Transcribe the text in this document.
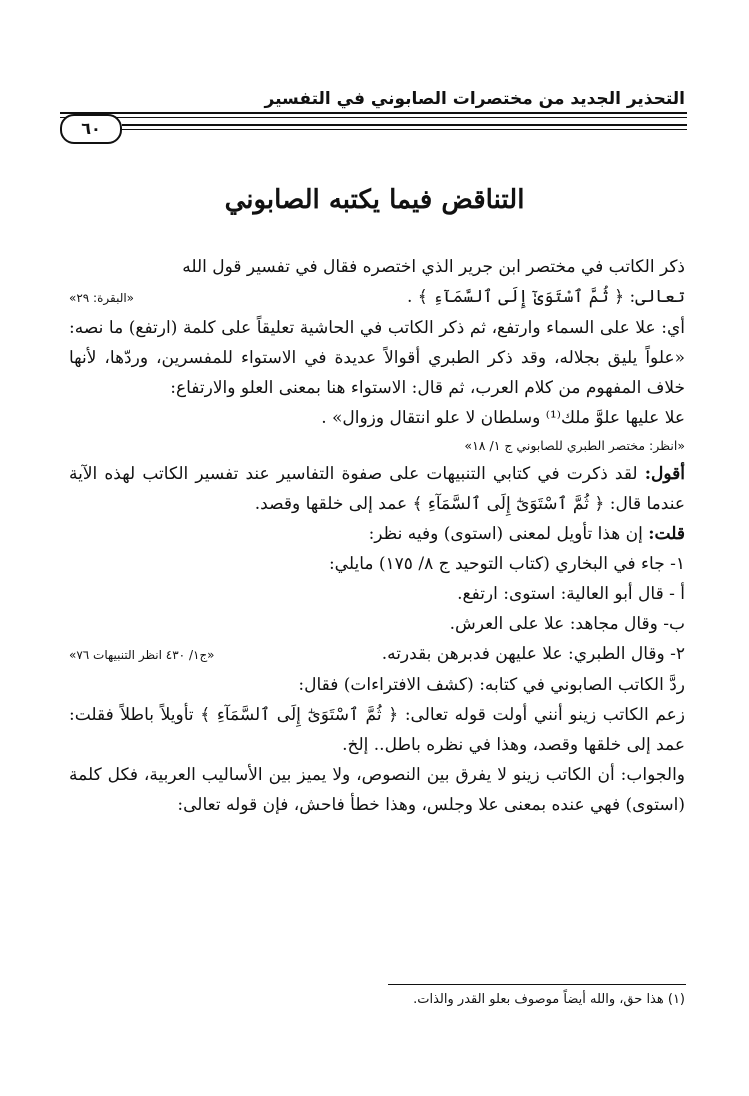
التحذير الجديد من مختصرات الصابوني في التفسير
٦٠
التناقض فيما يكتبه الصابوني

ذكر الكاتب في مختصر ابن جرير الذي اختصره فقال في تفسير قول الله

تعالى: ﴿ ثُمَّ ٱسْتَوَىٰٓ إِلَى ٱلسَّمَآءِ ﴾ .
«البقرة: ٢٩»

أي: علا على السماء وارتفع، ثم ذكر الكاتب في الحاشية تعليقاً على كلمة (ارتفع) ما نصه: «علواً يليق بجلاله، وقد ذكر الطبري أقوالاً عديدة في الاستواء للمفسرين، وردّها، لأنها خلاف المفهوم من كلام العرب، ثم قال: الاستواء هنا بمعنى العلو والارتفاع:

علا عليها علوَّ ملك⁽¹⁾ وسلطان لا علو انتقال وزوال» .

«انظر: مختصر الطبري للصابوني ج ١/ ١٨»

أقول: لقد ذكرت في كتابي التنبيهات على صفوة التفاسير عند تفسير الكاتب لهذه الآية عندما قال: ﴿ ثُمَّ ٱسْتَوَىٰٓ إِلَى ٱلسَّمَآءِ ﴾ عمد إلى خلقها وقصد.

قلت: إن هذا تأويل لمعنى (استوى) وفيه نظر:

١- جاء في البخاري (كتاب التوحيد ج ٨/ ١٧٥) مايلي:

أ - قال أبو العالية: استوى: ارتفع.

ب- وقال مجاهد: علا على العرش.

٢- وقال الطبري: علا عليهن فدبرهن بقدرته.
«ج١/ ٤٣٠ انظر التنبيهات ٧٦»

ردَّ الكاتب الصابوني في كتابه: (كشف الافتراءات) فقال:

زعم الكاتب زينو أنني أولت قوله تعالى: ﴿ ثُمَّ ٱسْتَوَىٰٓ إِلَى ٱلسَّمَآءِ ﴾ تأويلاً باطلاً فقلت: عمد إلى خلقها وقصد، وهذا في نظره باطل.. إلخ.

والجواب: أن الكاتب زينو لا يفرق بين النصوص، ولا يميز بين الأساليب العربية، فكل كلمة (استوى) فهي عنده بمعنى علا وجلس، وهذا خطأ فاحش، فإن قوله تعالى:

(١) هذا حق، والله أيضاً موصوف بعلو القدر والذات.
